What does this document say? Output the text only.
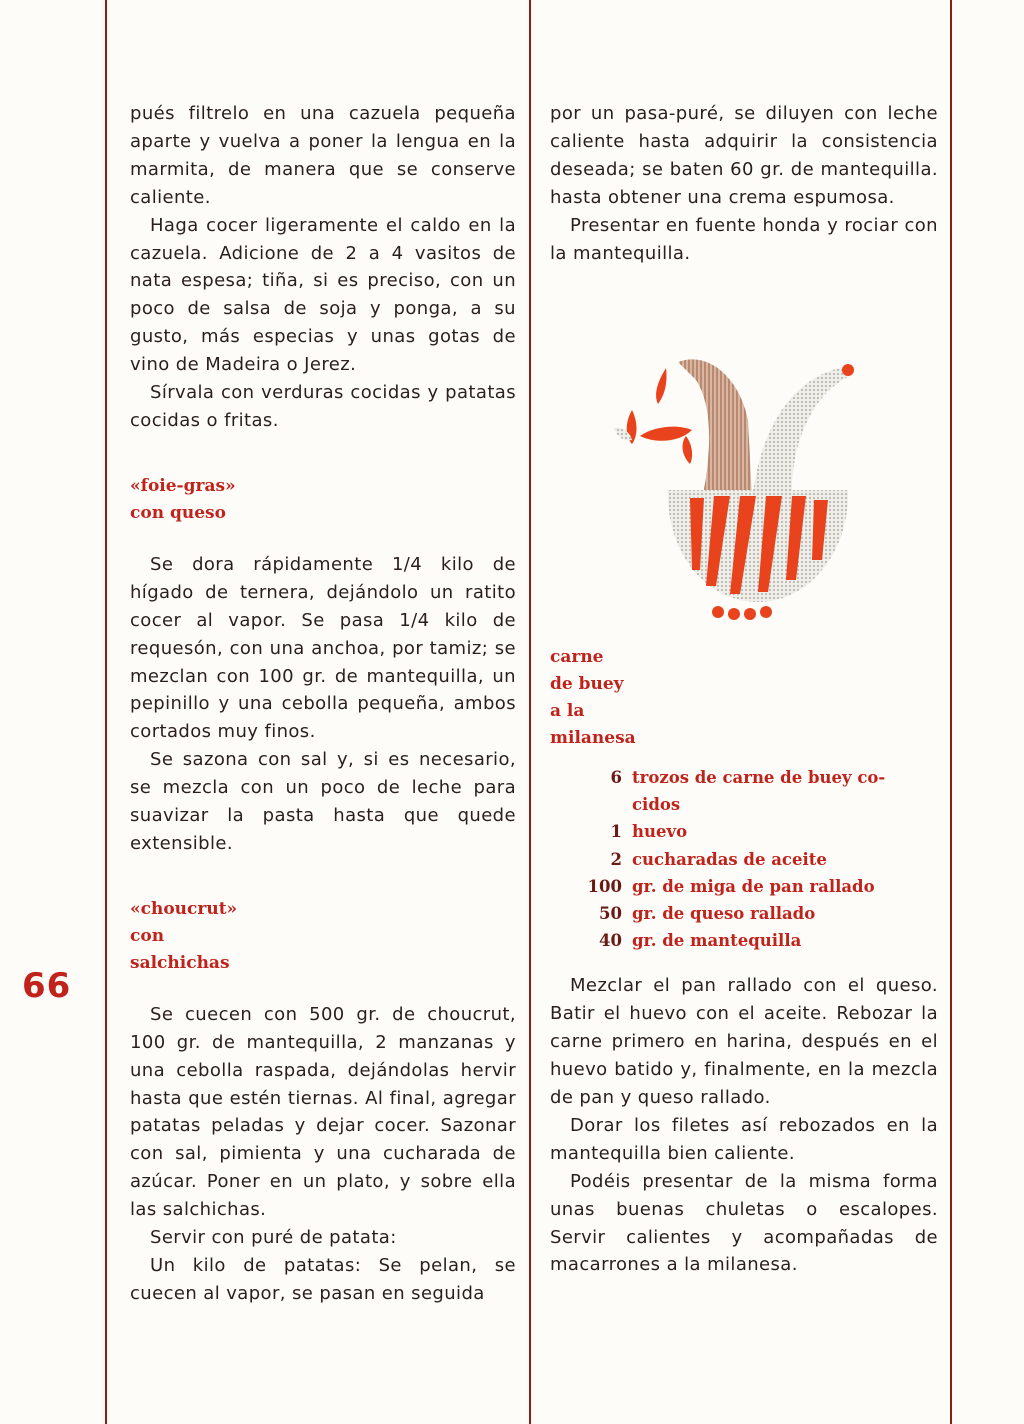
66

pués filtrelo en una cazuela pequeña aparte y vuelva a poner la lengua en la marmita, de manera que se conserve caliente.

Haga cocer ligeramente el caldo en la cazuela. Adicione de 2 a 4 vasitos de nata espesa; tiña, si es preciso, con un poco de salsa de soja y ponga, a su gusto, más especias y unas gotas de vino de Madeira o Jerez.

Sírvala con verduras cocidas y patatas cocidas o fritas.

«foie-gras»
con queso

Se dora rápidamente 1/4 kilo de hígado de ternera, dejándolo un ratito cocer al vapor. Se pasa 1/4 kilo de requesón, con una anchoa, por tamiz; se mezclan con 100 gr. de mantequilla, un pepinillo y una cebolla pequeña, ambos cortados muy finos.

Se sazona con sal y, si es necesario, se mezcla con un poco de leche para suavizar la pasta hasta que quede extensible.

«choucrut»
con
salchichas

Se cuecen con 500 gr. de choucrut, 100 gr. de mantequilla, 2 manzanas y una cebolla raspada, dejándolas hervir hasta que estén tiernas. Al final, agregar patatas peladas y dejar cocer. Sazonar con sal, pimienta y una cucharada de azúcar. Poner en un plato, y sobre ella las salchichas.

Servir con puré de patata:

Un kilo de patatas: Se pelan, se cuecen al vapor, se pasan en seguida

por un pasa-puré, se diluyen con leche caliente hasta adquirir la consistencia deseada; se baten 60 gr. de mantequilla. hasta obtener una crema espumosa.

Presentar en fuente honda y rociar con la mantequilla.

carne
de buey
a la
milanesa
6 trozos de carne de buey co-
cidos
1 huevo
2 cucharadas de aceite
100 gr. de miga de pan rallado
50 gr. de queso rallado
40 gr. de mantequilla

Mezclar el pan rallado con el queso. Batir el huevo con el aceite. Rebozar la carne primero en harina, después en el huevo batido y, finalmente, en la mezcla de pan y queso rallado.

Dorar los filetes así rebozados en la mantequilla bien caliente.

Podéis presentar de la misma forma unas buenas chuletas o escalopes. Servir calientes y acompañadas de macarrones a la milanesa.
